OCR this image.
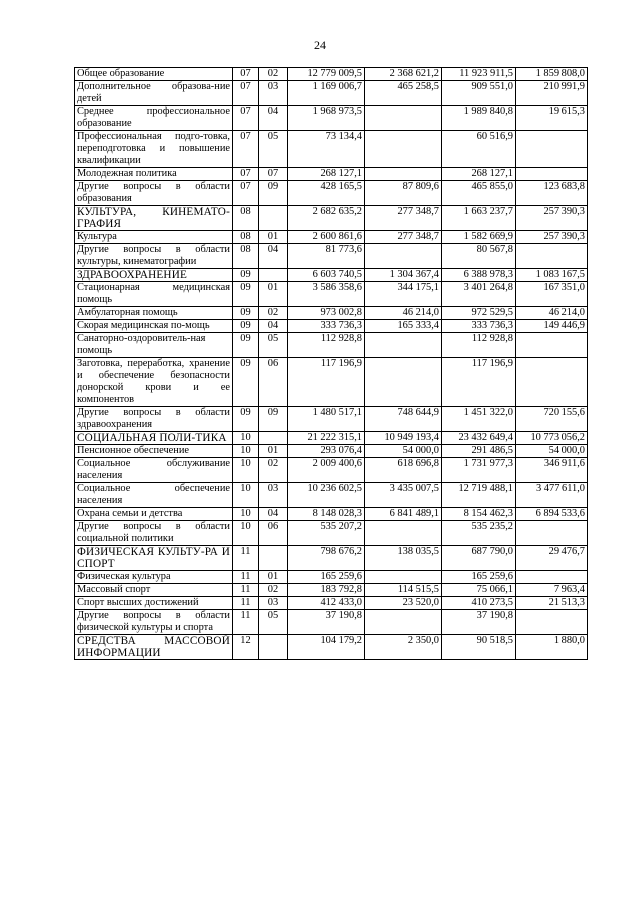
24
Общее образование	07	02	12 779 009,5	2 368 621,2	11 923 911,5	1 859 808,0
Дополнительное образова-ние детей	07	03	1 169 006,7	465 258,5	909 551,0	210 991,9
Среднее профессиональное образование	07	04	1 968 973,5		1 989 840,8	19 615,3
Профессиональная подго-товка, переподготовка и повышение квалификации	07	05	73 134,4		60 516,9	
Молодежная политика	07	07	268 127,1		268 127,1	
Другие вопросы в области образования	07	09	428 165,5	87 809,6	465 855,0	123 683,8
КУЛЬТУРА, КИНЕМАТО-ГРАФИЯ	08		2 682 635,2	277 348,7	1 663 237,7	257 390,3
Культура	08	01	2 600 861,6	277 348,7	1 582 669,9	257 390,3
Другие вопросы в области культуры, кинематографии	08	04	81 773,6		80 567,8	
ЗДРАВООХРАНЕНИЕ	09		6 603 740,5	1 304 367,4	6 388 978,3	1 083 167,5
Стационарная медицинская помощь	09	01	3 586 358,6	344 175,1	3 401 264,8	167 351,0
Амбулаторная помощь	09	02	973 002,8	46 214,0	972 529,5	46 214,0
Скорая медицинская по-мощь	09	04	333 736,3	165 333,4	333 736,3	149 446,9
Санаторно-оздоровитель-ная помощь	09	05	112 928,8		112 928,8	
Заготовка, переработка, хранение и обеспечение безопасности донорской крови и ее компонентов	09	06	117 196,9		117 196,9	
Другие вопросы в области здравоохранения	09	09	1 480 517,1	748 644,9	1 451 322,0	720 155,6
СОЦИАЛЬНАЯ ПОЛИ-ТИКА	10		21 222 315,1	10 949 193,4	23 432 649,4	10 773 056,2
Пенсионное обеспечение	10	01	293 076,4	54 000,0	291 486,5	54 000,0
Социальное обслуживание населения	10	02	2 009 400,6	618 696,8	1 731 977,3	346 911,6
Социальное обеспечение населения	10	03	10 236 602,5	3 435 007,5	12 719 488,1	3 477 611,0
Охрана семьи и детства	10	04	8 148 028,3	6 841 489,1	8 154 462,3	6 894 533,6
Другие вопросы в области социальной политики	10	06	535 207,2		535 235,2	
ФИЗИЧЕСКАЯ КУЛЬТУ-РА И СПОРТ	11		798 676,2	138 035,5	687 790,0	29 476,7
Физическая культура	11	01	165 259,6		165 259,6	
Массовый спорт	11	02	183 792,8	114 515,5	75 066,1	7 963,4
Спорт высших достижений	11	03	412 433,0	23 520,0	410 273,5	21 513,3
Другие вопросы в области физической культуры и спорта	11	05	37 190,8		37 190,8	
СРЕДСТВА МАССОВОЙ ИНФОРМАЦИИ	12		104 179,2	2 350,0	90 518,5	1 880,0
